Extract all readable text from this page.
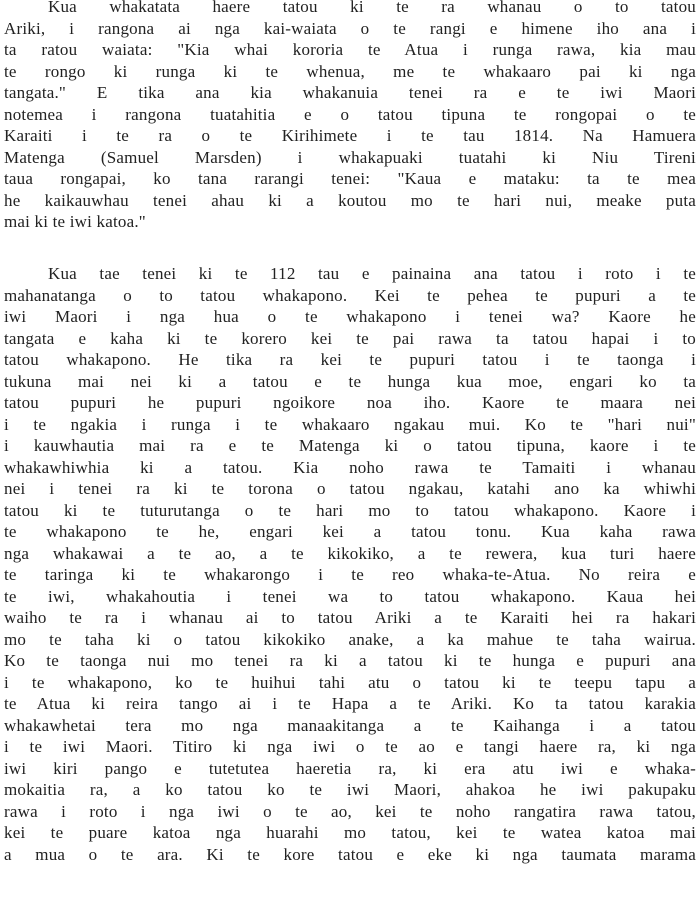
Kua whakatata haere tatou ki te ra whanau o to tatou
Ariki, i rangona ai nga kai-waiata o te rangi e himene iho ana i
ta ratou waiata: "Kia whai kororia te Atua i runga rawa, kia mau
te rongo ki runga ki te whenua, me te whakaaro pai ki nga
tangata." E tika ana kia whakanuia tenei ra e te iwi Maori
notemea i rangona tuatahitia e o tatou tipuna te rongopai o te
Karaiti i te ra o te Kirihimete i te tau 1814. Na Hamuera
Matenga (Samuel Marsden) i whakapuaki tuatahi ki Niu Tireni
taua rongapai, ko tana rarangi tenei: "Kaua e mataku: ta te mea
he kaikauwhau tenei ahau ki a koutou mo te hari nui, meake puta
mai ki te iwi katoa."
Kua tae tenei ki te 112 tau e painaina ana tatou i roto i te
mahanatanga o to tatou whakapono. Kei te pehea te pupuri a te
iwi Maori i nga hua o te whakapono i tenei wa? Kaore he
tangata e kaha ki te korero kei te pai rawa ta tatou hapai i to
tatou whakapono. He tika ra kei te pupuri tatou i te taonga i
tukuna mai nei ki a tatou e te hunga kua moe, engari ko ta
tatou pupuri he pupuri ngoikore noa iho. Kaore te maara nei
i te ngakia i runga i te whakaaro ngakau mui. Ko te "hari nui"
i kauwhautia mai ra e te Matenga ki o tatou tipuna, kaore i te
whakawhiwhia ki a tatou. Kia noho rawa te Tamaiti i whanau
nei i tenei ra ki te torona o tatou ngakau, katahi ano ka whiwhi
tatou ki te tuturutanga o te hari mo to tatou whakapono. Kaore i
te whakapono te he, engari kei a tatou tonu. Kua kaha rawa
nga whakawai a te ao, a te kikokiko, a te rewera, kua turi haere
te taringa ki te whakarongo i te reo whaka-te-Atua. No reira e
te iwi, whakahoutia i tenei wa to tatou whakapono. Kaua hei
waiho te ra i whanau ai to tatou Ariki a te Karaiti hei ra hakari
mo te taha ki o tatou kikokiko anake, a ka mahue te taha wairua.
Ko te taonga nui mo tenei ra ki a tatou ki te hunga e pupuri ana
i te whakapono, ko te huihui tahi atu o tatou ki te teepu tapu a
te Atua ki reira tango ai i te Hapa a te Ariki. Ko ta tatou karakia
whakawhetai tera mo nga manaakitanga a te Kaihanga i a tatou
i te iwi Maori. Titiro ki nga iwi o te ao e tangi haere ra, ki nga
iwi kiri pango e tutetutea haeretia ra, ki era atu iwi e whaka-
mokaitia ra, a ko tatou ko te iwi Maori, ahakoa he iwi pakupaku
rawa i roto i nga iwi o te ao, kei te noho rangatira rawa tatou,
kei te puare katoa nga huarahi mo tatou, kei te watea katoa mai
a mua o te ara. Ki te kore tatou e eke ki nga taumata marama
